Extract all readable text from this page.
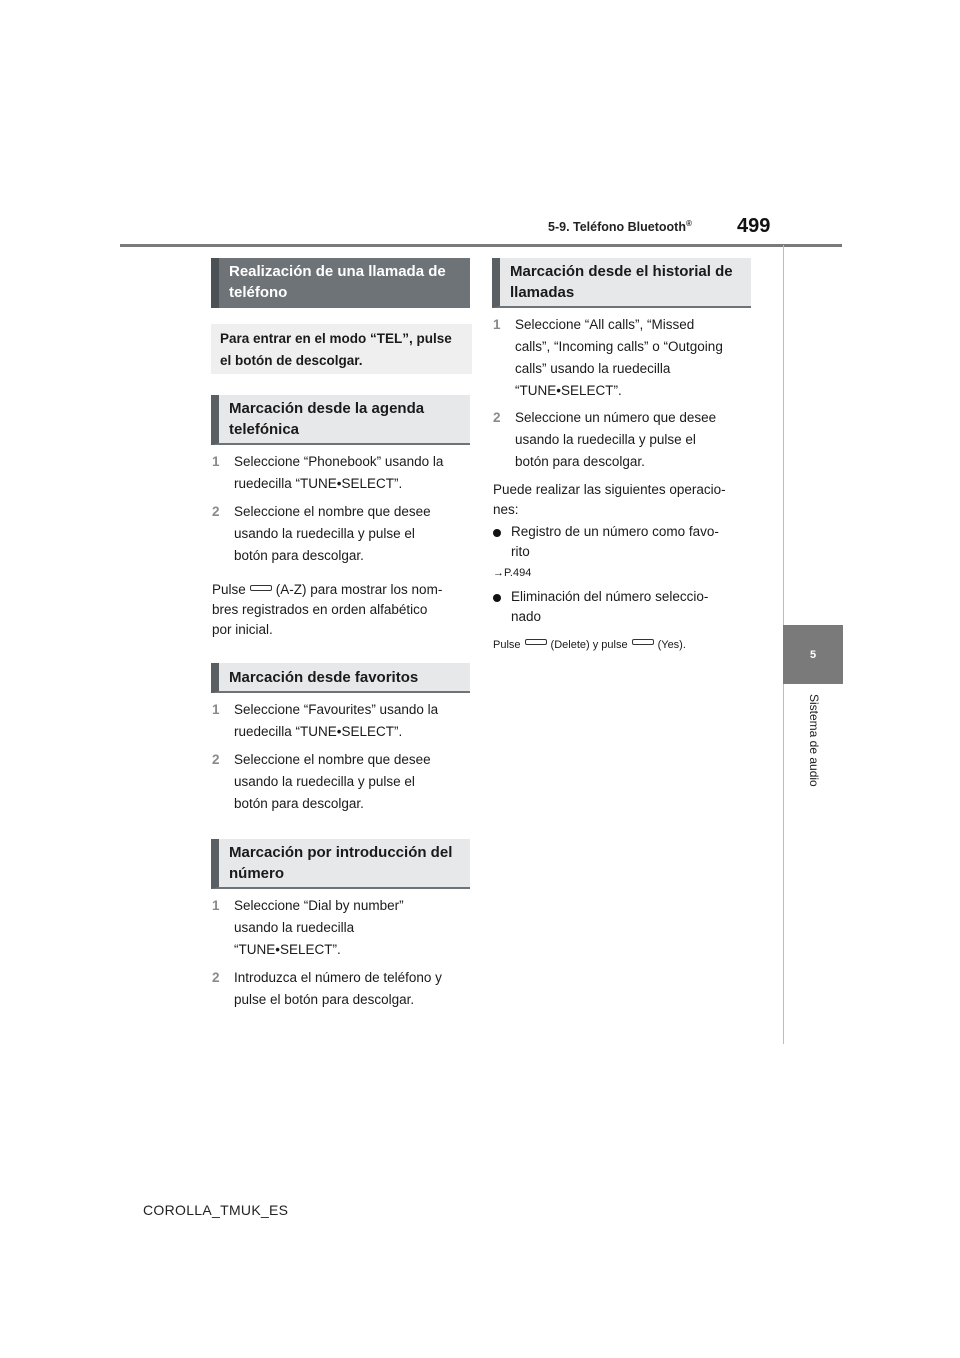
5-9. Teléfono Bluetooth® 499
5
Sistema de audio
Realización de una llamada de teléfono
Para entrar en el modo “TEL”, pulse el botón de descolgar.
Marcación desde la agenda telefónica
1 Seleccione “Phonebook” usando la
ruedecilla “TUNE•SELECT”.
2 Seleccione el nombre que desee
usando la ruedecilla y pulse el
botón para descolgar.
Pulse (A-Z) para mostrar los nom-
bres registrados en orden alfabético
por inicial.
Marcación desde favoritos
1 Seleccione “Favourites” usando la
ruedecilla “TUNE•SELECT”.
2 Seleccione el nombre que desee
usando la ruedecilla y pulse el
botón para descolgar.
Marcación por introducción del número
1 Seleccione “Dial by number”
usando la ruedecilla
“TUNE•SELECT”.
2 Introduzca el número de teléfono y
pulse el botón para descolgar.
Marcación desde el historial de llamadas
1 Seleccione “All calls”, “Missed
calls”, “Incoming calls” o “Outgoing
calls” usando la ruedecilla
“TUNE•SELECT”.
2 Seleccione un número que desee
usando la ruedecilla y pulse el
botón para descolgar.
Puede realizar las siguientes operacio-
nes:
Registro de un número como favo-
rito
→P.494
Eliminación del número seleccio-
nado
Pulse	(Delete) y pulse	(Yes).
COROLLA_TMUK_ES
